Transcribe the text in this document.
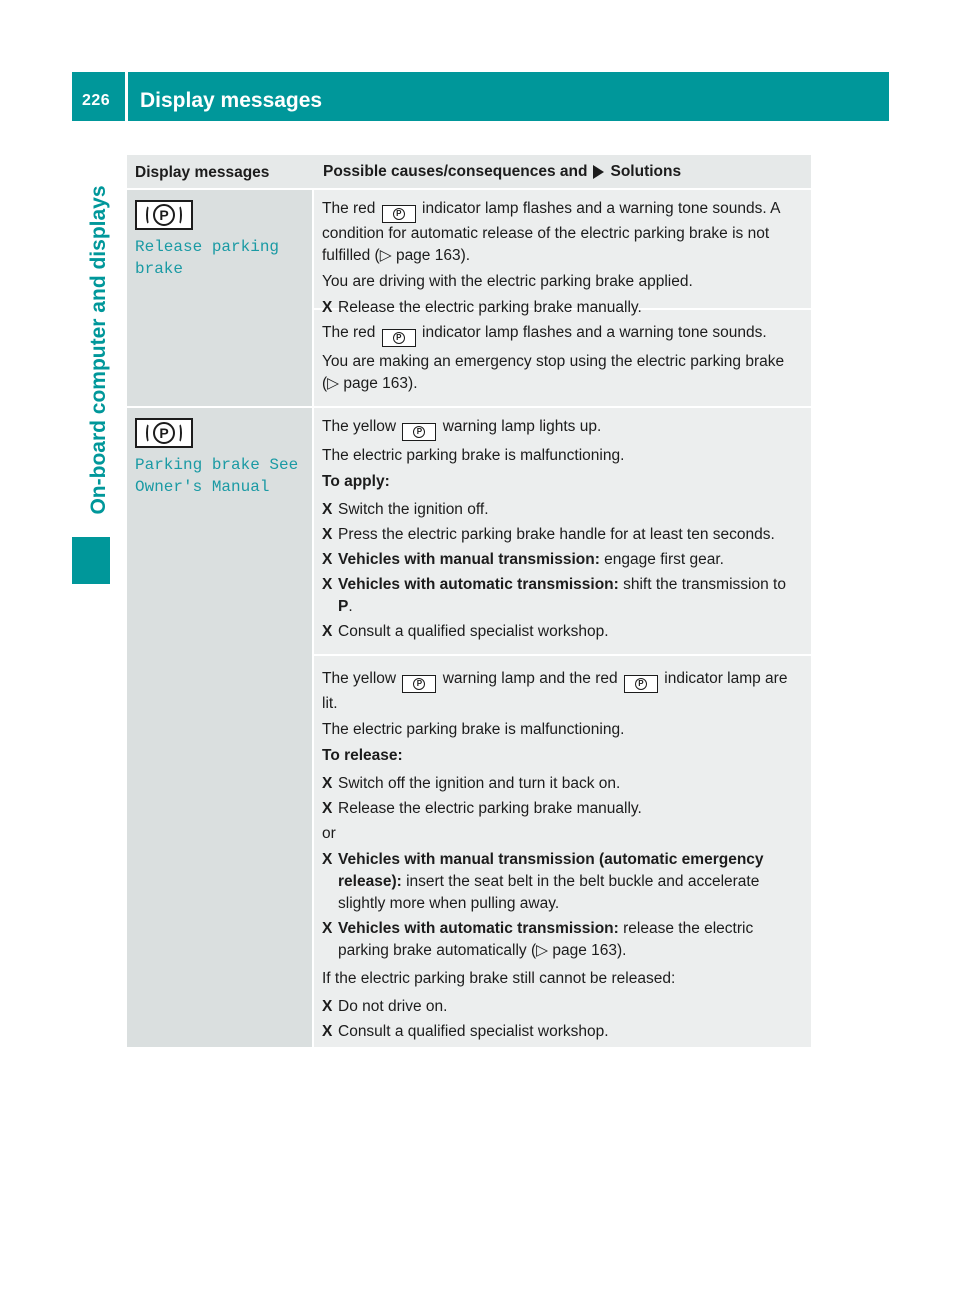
226 Display messages
On-board computer and displays
Display messages	Possible causes/consequences and Solutions
P
Release parking
brake

The red	P indicator lamp flashes and a warning tone sounds. A condition for automatic release of the electric parking brake is not fulfilled (▷ page 163).

You are driving with the electric parking brake applied.

X Release the electric parking brake manually.

The red	P indicator lamp flashes and a warning tone sounds.

You are making an emergency stop using the electric parking brake (▷ page 163).

P
Parking brake See
Owner's Manual

The yellow	P warning lamp lights up.

The electric parking brake is malfunctioning.

To apply:

X Switch the ignition off.
X Press the electric parking brake handle for at least ten seconds.
X Vehicles with manual transmission: engage first gear.
X Vehicles with automatic transmission: shift the transmission to P.
X Consult a qualified specialist workshop.

The yellow	P warning lamp and the red	P indicator lamp are lit.

The electric parking brake is malfunctioning.

To release:

X Switch off the ignition and turn it back on.
X Release the electric parking brake manually.

or

X Vehicles with manual transmission (automatic emergency release): insert the seat belt in the belt buckle and accelerate slightly more when pulling away.
X Vehicles with automatic transmission: release the electric parking brake automatically (▷ page 163).

If the electric parking brake still cannot be released:

X Do not drive on.
X Consult a qualified specialist workshop.
